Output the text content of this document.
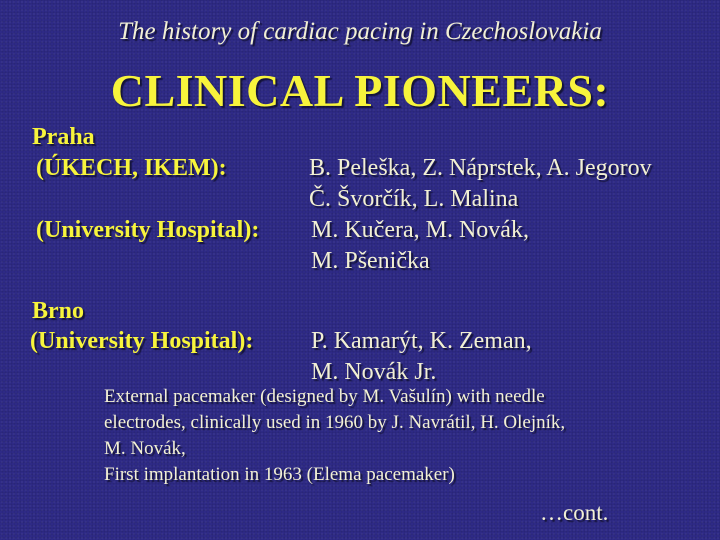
The history of cardiac pacing in Czechoslovakia
CLINICAL PIONEERS:
Praha
(ÚKECH, IKEM):	B. Peleška, Z. Náprstek, A. Jegorov
Č. Švorčík, L. Malina
(University Hospital): M. Kučera, M. Novák,
M. Pšenička
Brno
(University Hospital): P. Kamarýt, K. Zeman,
M. Novák Jr.
External pacemaker (designed by M. Vašulín) with needle
electrodes, clinically used in 1960 by J. Navrátil, H. Olejník,
M. Novák,
First implantation in 1963 (Elema pacemaker)
…cont.
